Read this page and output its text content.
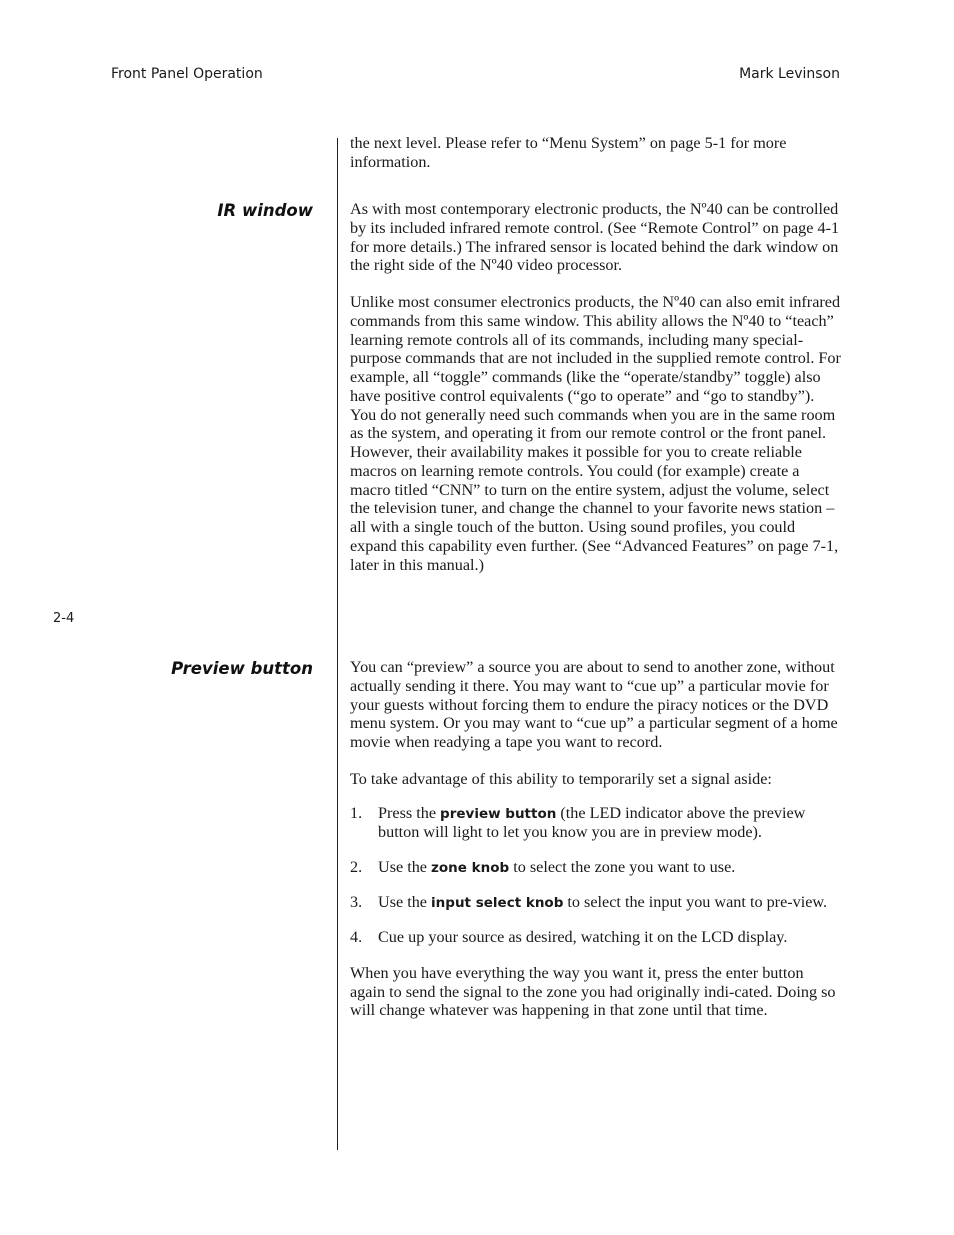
Front Panel Operation	Mark Levinson
2-4

the next level. Please refer to “Menu System” on page 5-1 for more information.

IR window As with most contemporary electronic products, the Nº40 can be controlled by its included infrared remote control. (See “Remote Control” on page 4-1 for more details.) The infrared sensor is located behind the dark window on the right side of the Nº40 video processor.

Unlike most consumer electronics products, the Nº40 can also emit infrared commands from this same window. This ability allows the Nº40 to “teach” learning remote controls all of its commands, including many special-purpose commands that are not included in the supplied remote control. For example, all “toggle” commands (like the “operate/standby” toggle) also have positive control equivalents (“go to operate” and “go to standby”). You do not generally need such commands when you are in the same room as the system, and operating it from our remote control or the front panel. However, their availability makes it possible for you to create reliable macros on learning remote controls. You could (for example) create a macro titled “CNN” to turn on the entire system, adjust the volume, select the television tuner, and change the channel to your favorite news station – all with a single touch of the button. Using sound profiles, you could expand this capability even further. (See “Advanced Features” on page 7-1, later in this manual.)

Preview button You can “preview” a source you are about to send to another zone, without actually sending it there. You may want to “cue up” a particular movie for your guests without forcing them to endure the piracy notices or the DVD menu system. Or you may want to “cue up” a particular segment of a home movie when readying a tape you want to record.

To take advantage of this ability to temporarily set a signal aside:

1. Press the preview button (the LED indicator above the preview button will light to let you know you are in preview mode).
2. Use the zone knob to select the zone you want to use.
3. Use the input select knob to select the input you want to pre-view.
4. Cue up your source as desired, watching it on the LCD display.

When you have everything the way you want it, press the enter button again to send the signal to the zone you had originally indi-cated. Doing so will change whatever was happening in that zone until that time.
